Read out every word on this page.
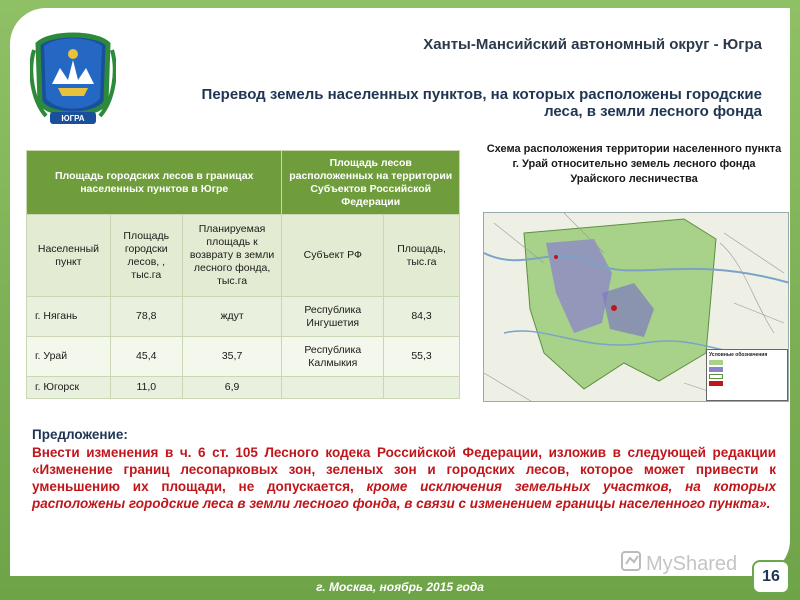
ЮГРА
Ханты-Мансийский автономный округ - Югра
Перевод земель населенных пунктов, на которых расположены городские леса, в земли лесного фонда
Площадь городских лесов в границах населенных пунктов в Югре			Площадь лесов расположенных на территории Субъектов Российской Федерации	
Населенный пункт	Площадь городски лесов, , тыс.га	Планируемая площадь к возврату в земли лесного фонда, тыс.га	Субъект РФ	Площадь, тыс.га
г. Нягань	78,8	ждут	Республика Ингушетия	84,3
г. Урай	45,4	35,7	Республика Калмыкия	55,3
г. Югорск	11,0	6,9		
Схема расположения территории населенного пункта г. Урай относительно земель лесного фонда Урайского лесничества
Условные обозначения
Предложение:
Внести изменения в ч. 6 ст. 105 Лесного кодека Российской Федерации, изложив в следующей редакции «Изменение границ лесопарковых зон, зеленых зон и городских лесов, которое может привести к уменьшению их площади, не допускается, кроме исключения земельных участков, на которых расположены городские леса в земли лесного фонда, в связи с изменением границы населенного пункта».
MyShared
16
г. Москва, ноябрь 2015 года
